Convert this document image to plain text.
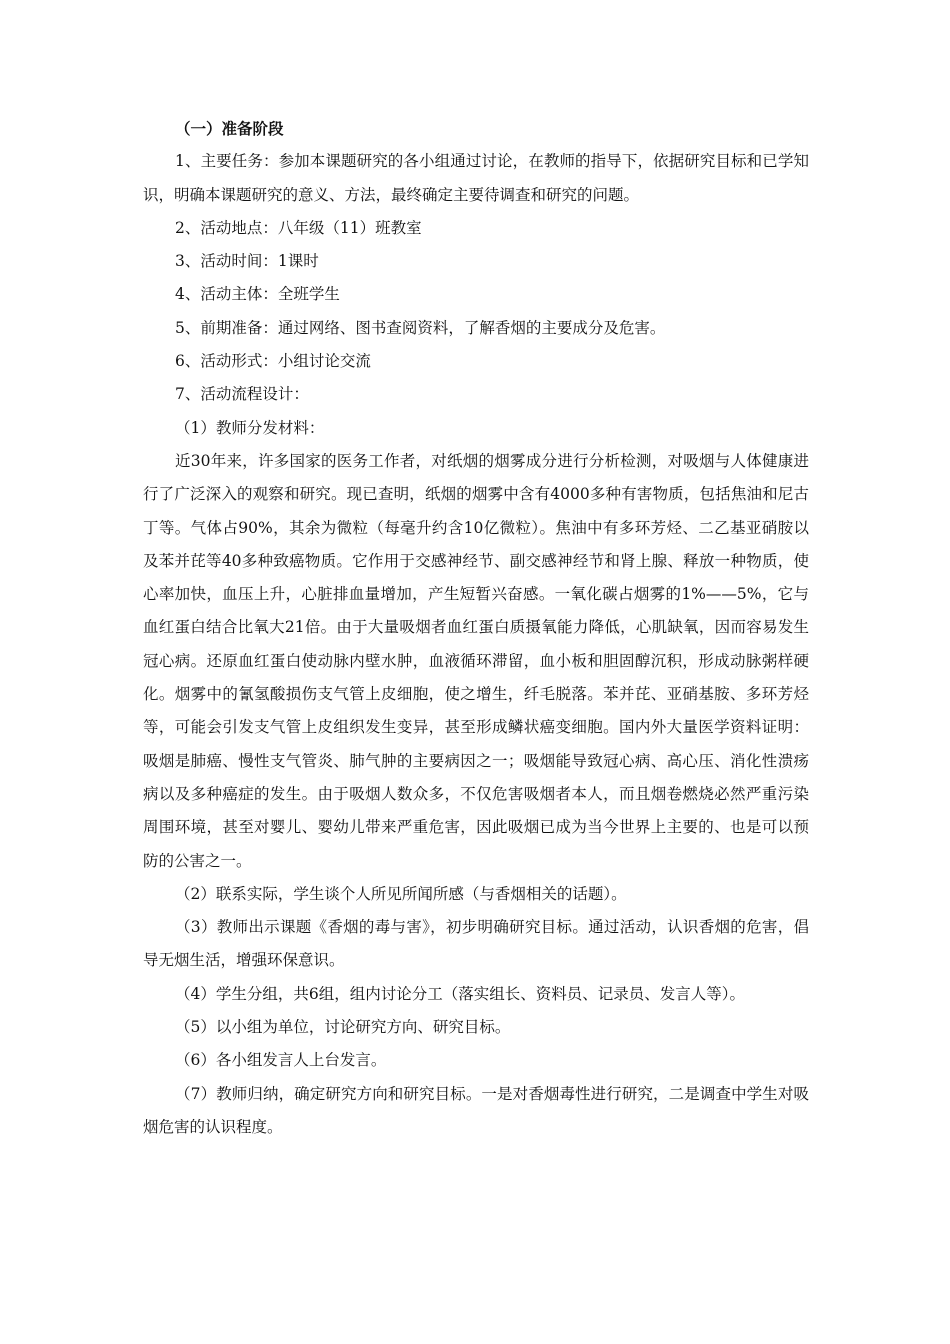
（一）准备阶段

1、主要任务：参加本课题研究的各小组通过讨论，在教师的指导下，依据研究目标和已学知识，明确本课题研究的意义、方法，最终确定主要待调查和研究的问题。

2、活动地点：八年级（11）班教室

3、活动时间：1课时

4、活动主体：全班学生

5、前期准备：通过网络、图书查阅资料，了解香烟的主要成分及危害。

6、活动形式：小组讨论交流

7、活动流程设计：

（1）教师分发材料：

近30年来，许多国家的医务工作者，对纸烟的烟雾成分进行分析检测，对吸烟与人体健康进行了广泛深入的观察和研究。现已查明，纸烟的烟雾中含有4000多种有害物质，包括焦油和尼古丁等。气体占90%，其余为微粒（每毫升约含10亿微粒）。焦油中有多环芳烃、二乙基亚硝胺以及苯并芘等40多种致癌物质。它作用于交感神经节、副交感神经节和肾上腺、释放一种物质，使心率加快，血压上升，心脏排血量增加，产生短暂兴奋感。一氧化碳占烟雾的1%——5%，它与血红蛋白结合比氧大21倍。由于大量吸烟者血红蛋白质摄氧能力降低，心肌缺氧，因而容易发生冠心病。还原血红蛋白使动脉内壁水肿，血液循环滞留，血小板和胆固醇沉积，形成动脉粥样硬化。烟雾中的氰氢酸损伤支气管上皮细胞，使之增生，纤毛脱落。苯并芘、亚硝基胺、多环芳烃等，可能会引发支气管上皮组织发生变异，甚至形成鳞状癌变细胞。国内外大量医学资料证明：吸烟是肺癌、慢性支气管炎、肺气肿的主要病因之一；吸烟能导致冠心病、高心压、消化性溃疡病以及多种癌症的发生。由于吸烟人数众多，不仅危害吸烟者本人，而且烟卷燃烧必然严重污染周围环境，甚至对婴儿、婴幼儿带来严重危害，因此吸烟已成为当今世界上主要的、也是可以预防的公害之一。

（2）联系实际，学生谈个人所见所闻所感（与香烟相关的话题）。

（3）教师出示课题《香烟的毒与害》，初步明确研究目标。通过活动，认识香烟的危害，倡导无烟生活，增强环保意识。

（4）学生分组，共6组，组内讨论分工（落实组长、资料员、记录员、发言人等）。

（5）以小组为单位，讨论研究方向、研究目标。

（6）各小组发言人上台发言。

（7）教师归纳，确定研究方向和研究目标。一是对香烟毒性进行研究，二是调查中学生对吸烟危害的认识程度。
